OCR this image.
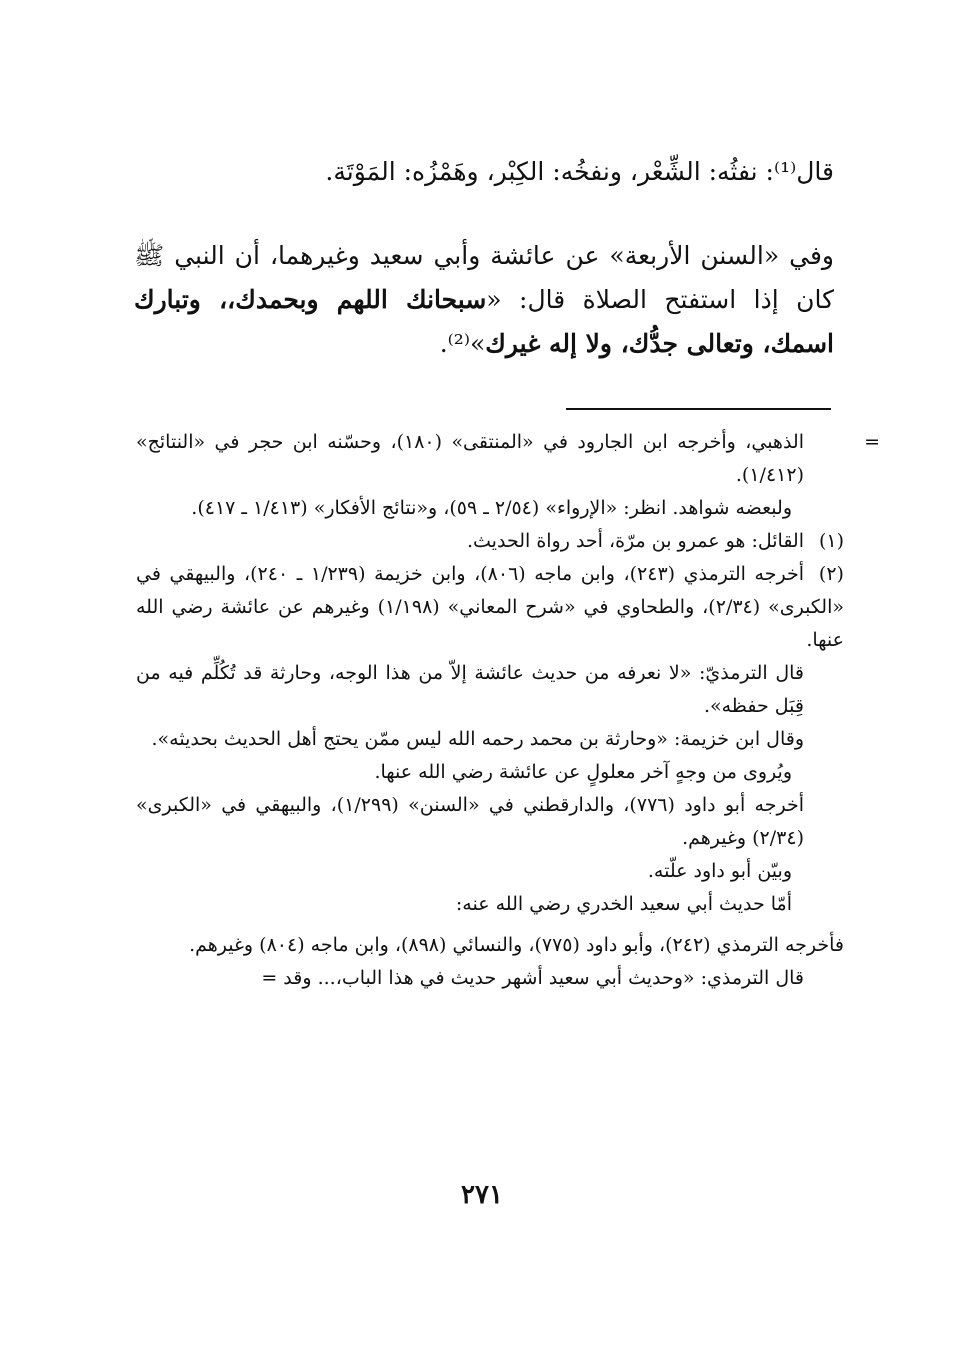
قال⁽¹⁾: نفثُه: الشِّعْر، ونفخُه: الكِبْر، وهَمْزُه: المَوْتَة.

وفي «السنن الأربعة» عن عائشة وأبي سعيد وغيرهما، أن النبي ﷺ كان إذا استفتح الصلاة قال: «سبحانك اللهم وبحمدك،، وتبارك اسمك، وتعالى جدُّك، ولا إله غيرك»⁽²⁾.

=
الذهبي، وأخرجه ابن الجارود في «المنتقى» (١٨٠)، وحسّنه ابن حجر في «النتائج» (١/٤١٢).

ولبعضه شواهد. انظر: «الإرواء» (٢/٥٤ ـ ٥٩)، و«نتائج الأفكار» (١/٤١٣ ـ ٤١٧).

(١)القائل: هو عمرو بن مرّة، أحد رواة الحديث.

(٢)أخرجه الترمذي (٢٤٣)، وابن ماجه (٨٠٦)، وابن خزيمة (١/٢٣٩ ـ ٢٤٠)، والبيهقي في «الكبرى» (٢/٣٤)، والطحاوي في «شرح المعاني» (١/١٩٨) وغيرهم عن عائشة رضي الله عنها.

قال الترمذيّ: «لا نعرفه من حديث عائشة إلاّ من هذا الوجه، وحارثة قد تُكُلِّم فيه من قِبَل حفظه».

وقال ابن خزيمة: «وحارثة بن محمد رحمه الله ليس ممّن يحتج أهل الحديث بحديثه».

ويُروى من وجهٍ آخر معلولٍ عن عائشة رضي الله عنها.

أخرجه أبو داود (٧٧٦)، والدارقطني في «السنن» (١/٢٩٩)، والبيهقي في «الكبرى» (٢/٣٤) وغيرهم.

وبيّن أبو داود علّته.

أمّا حديث أبي سعيد الخدري رضي الله عنه:

فأخرجه الترمذي (٢٤٢)، وأبو داود (٧٧٥)، والنسائي (٨٩٨)، وابن ماجه (٨٠٤) وغيرهم.

قال الترمذي: «وحديث أبي سعيد أشهر حديث في هذا الباب،... وقد =

٢٧١
